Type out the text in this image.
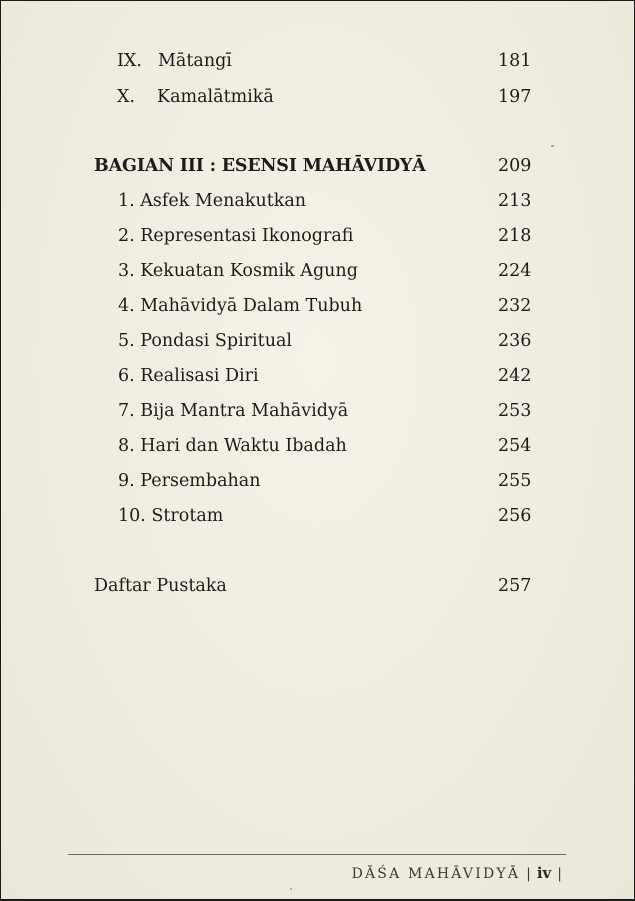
IX. Mātangī	181
X. Kamalātmikā	197
BAGIAN III : ESENSI MAHĀVIDYĀ	209
1. Asfek Menakutkan	213
2. Representasi Ikonografi	218
3. Kekuatan Kosmik Agung	224
4. Mahāvidyā Dalam Tubuh	232
5. Pondasi Spiritual	236
6. Realisasi Diri	242
7. Bija Mantra Mahāvidyā	253
8. Hari dan Waktu Ibadah	254
9. Persembahan	255
10. Strotam	256
Daftar Pustaka	257
DĀŚA MAHĀVIDYĀ | iv |
